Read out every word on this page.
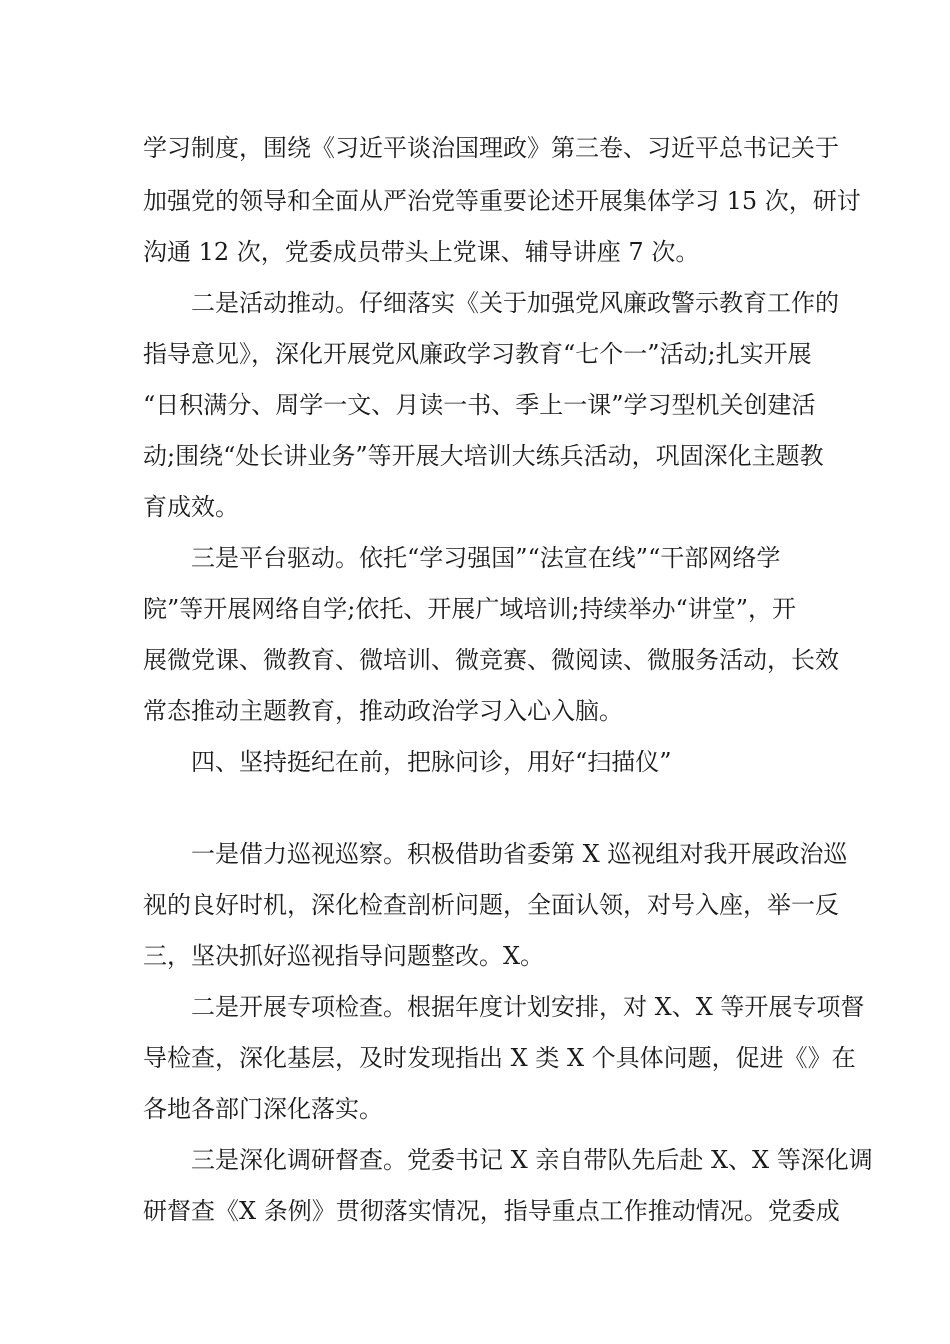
学习制度，围绕《习近平谈治国理政》第三卷、习近平总书记关于
加强党的领导和全面从严治党等重要论述开展集体学习 15 次，研讨
沟通 12 次，党委成员带头上党课、辅导讲座 7 次。
二是活动推动。仔细落实《关于加强党风廉政警示教育工作的
指导意见》，深化开展党风廉政学习教育“七个一”活动;扎实开展
“日积满分、周学一文、月读一书、季上一课”学习型机关创建活
动;围绕“处长讲业务”等开展大培训大练兵活动，巩固深化主题教
育成效。
三是平台驱动。依托“学习强国”“法宣在线”“干部网络学
院”等开展网络自学;依托、开展广域培训;持续举办“讲堂”，开
展微党课、微教育、微培训、微竞赛、微阅读、微服务活动，长效
常态推动主题教育，推动政治学习入心入脑。
四、坚持挺纪在前，把脉问诊，用好“扫描仪”
一是借力巡视巡察。积极借助省委第 X 巡视组对我开展政治巡
视的良好时机，深化检查剖析问题，全面认领，对号入座，举一反
三，坚决抓好巡视指导问题整改。X。
二是开展专项检查。根据年度计划安排，对 X、X 等开展专项督
导检查，深化基层，及时发现指出 X 类 X 个具体问题，促进《》在
各地各部门深化落实。
三是深化调研督查。党委书记 X 亲自带队先后赴 X、X 等深化调
研督查《X 条例》贯彻落实情况，指导重点工作推动情况。党委成
